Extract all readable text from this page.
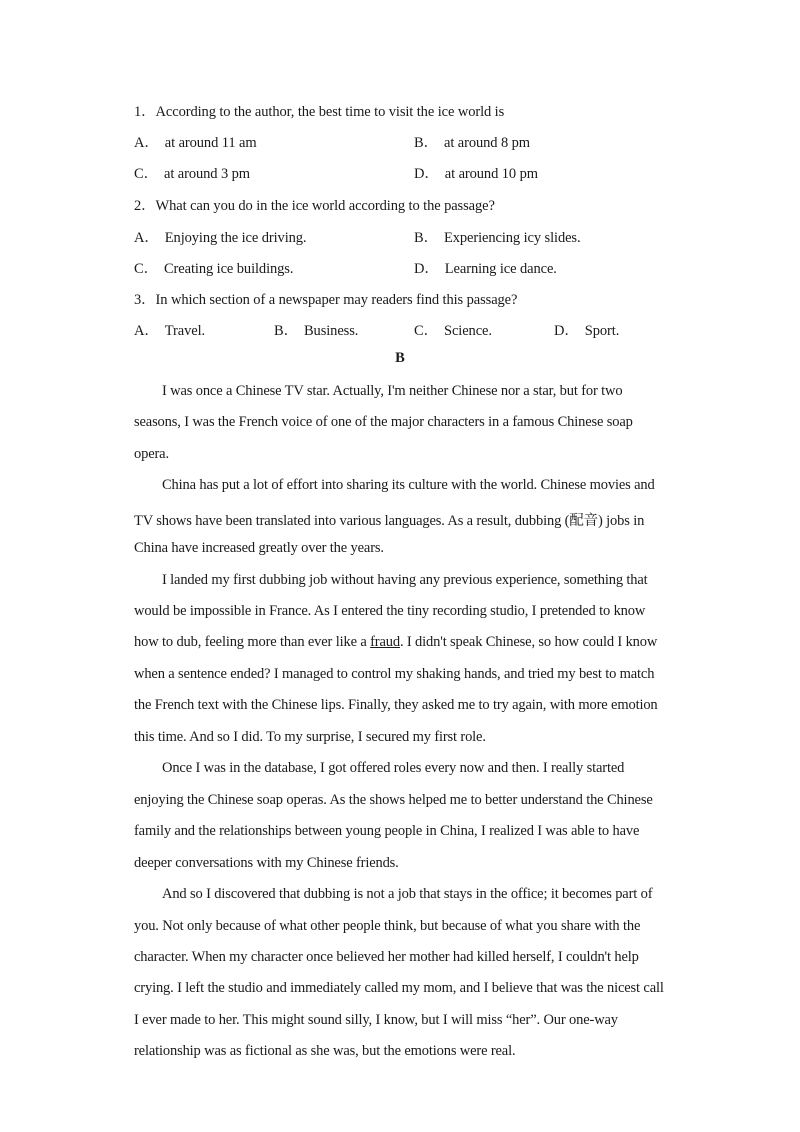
1．According to the author, the best time to visit the ice world is
A． at around 11 am	B． at around 8 pm
C． at around 3 pm	D． at around 10 pm
2．What can you do in the ice world according to the passage?
A． Enjoying the ice driving.	B． Experiencing icy slides.
C． Creating ice buildings.	D． Learning ice dance.
3．In which section of a newspaper may readers find this passage?
A． Travel.	B． Business.	C． Science.	D． Sport.
B
I was once a Chinese TV star. Actually, I'm neither Chinese nor a star, but for two
seasons, I was the French voice of one of the major characters in a famous Chinese soap
opera.
China has put a lot of effort into sharing its culture with the world. Chinese movies and
TV shows have been translated into various languages. As a result, dubbing (配音) jobs in
China have increased greatly over the years.
I landed my first dubbing job without having any previous experience, something that
would be impossible in France. As I entered the tiny recording studio, I pretended to know
how to dub, feeling more than ever like a fraud. I didn't speak Chinese, so how could I know
when a sentence ended? I managed to control my shaking hands, and tried my best to match
the French text with the Chinese lips. Finally, they asked me to try again, with more emotion
this time. And so I did. To my surprise, I secured my first role.
Once I was in the database, I got offered roles every now and then. I really started
enjoying the Chinese soap operas. As the shows helped me to better understand the Chinese
family and the relationships between young people in China, I realized I was able to have
deeper conversations with my Chinese friends.
And so I discovered that dubbing is not a job that stays in the office; it becomes part of
you. Not only because of what other people think, but because of what you share with the
character. When my character once believed her mother had killed herself, I couldn't help
crying. I left the studio and immediately called my mom, and I believe that was the nicest call
I ever made to her. This might sound silly, I know, but I will miss “her”. Our one-way
relationship was as fictional as she was, but the emotions were real.
